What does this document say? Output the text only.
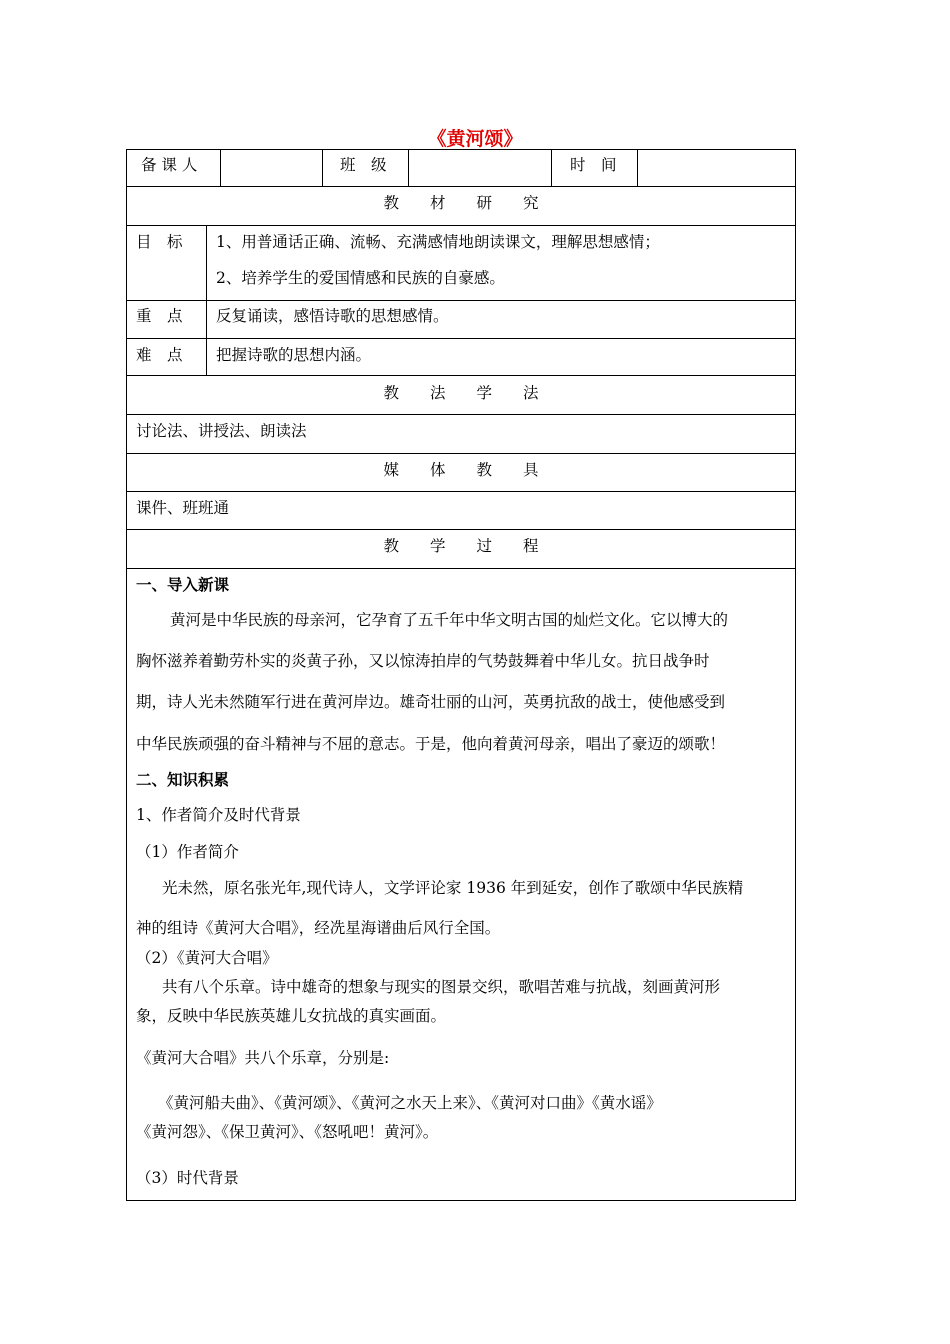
《黄河颂》
备 课 人	班　级	时　间
教　　材　　研　　究
目　标 1、用普通话正确、流畅、充满感情地朗读课文，理解思想感情；
2、培养学生的爱国情感和民族的自豪感。
重　点 反复诵读，感悟诗歌的思想感情。
难　点 把握诗歌的思想内涵。
教　　法　　学　　法
讨论法、讲授法、朗读法
媒　　体　　教　　具
课件、班班通
教　　学　　过　　程
一、导入新课
黄河是中华民族的母亲河，它孕育了五千年中华文明古国的灿烂文化。它以博大的
胸怀滋养着勤劳朴实的炎黄子孙，又以惊涛拍岸的气势鼓舞着中华儿女。抗日战争时
期，诗人光未然随军行进在黄河岸边。雄奇壮丽的山河，英勇抗敌的战士，使他感受到
中华民族顽强的奋斗精神与不屈的意志。于是，他向着黄河母亲，唱出了豪迈的颂歌！
二、知识积累
1、作者简介及时代背景
（1）作者简介
光未然，原名张光年,现代诗人，文学评论家 1936 年到延安，创作了歌颂中华民族精
神的组诗《黄河大合唱》，经冼星海谱曲后风行全国。
（2）《黄河大合唱》
共有八个乐章。诗中雄奇的想象与现实的图景交织，歌唱苦难与抗战，刻画黄河形
象，反映中华民族英雄儿女抗战的真实画面。
《黄河大合唱》共八个乐章，分别是:
《黄河船夫曲》、《黄河颂》、《黄河之水天上来》、《黄河对口曲》《黄水谣》
《黄河怨》、《保卫黄河》、《怒吼吧！黄河》。
（3）时代背景
